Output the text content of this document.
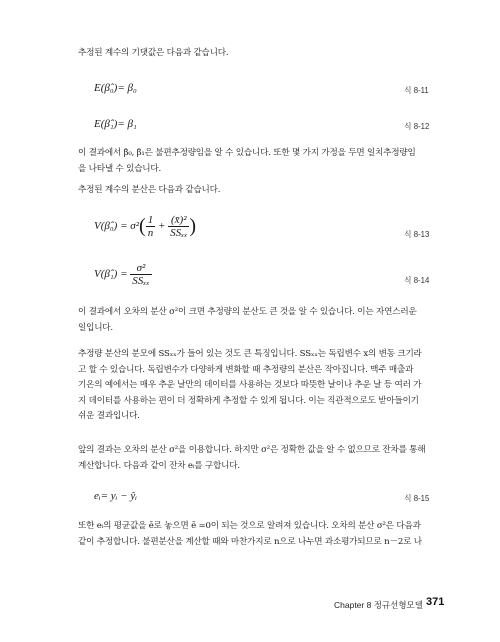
추정된 계수의 기댓값은 다음과 같습니다.
E(β̂₀)= β₀	식 8-11
E(β̂₁)= β₁	식 8-12
이 결과에서 β̂₀, β̂₁은 불편추정량임을 알 수 있습니다. 또한 몇 가지 가정을 두면 일치추정량임
을 나타낼 수 있습니다.
추정된 계수의 분산은 다음과 같습니다.
V(β̂₀) = $\sigma^2( \frac{1}{n} + \frac{\text{(x̄)²}}{\text{SSₓₓ}}$ )	식 8-13
V(β̂₁) = $\frac{\text{σ²}}{\text{SSₓₓ}}$	식 8-14
이 결과에서 오차의 분산 σ²이 크면 추정량의 분산도 큰 것을 알 수 있습니다. 이는 자연스러운
일입니다.
추정량 분산의 분모에 SSₓₓ가 들어 있는 것도 큰 특징입니다. SSₓₓ는 독립변수 x의 변동 크기라
고 할 수 있습니다. 독립변수가 다양하게 변화할 때 추정량의 분산은 작아집니다. 맥주 매출과
기온의 예에서는 매우 추운 날만의 데이터를 사용하는 것보다 따뜻한 날이나 추운 날 등 여러 가
지 데이터를 사용하는 편이 더 정확하게 추정할 수 있게 됩니다. 이는 직관적으로도 받아들이기
쉬운 결과입니다.
앞의 결과는 오차의 분산 σ²을 이용합니다. 하지만 σ²은 정확한 값을 알 수 없으므로 잔차를 통해
계산합니다. 다음과 같이 잔차 eᵢ를 구합니다.
eᵢ= yᵢ − ŷᵢ	식 8-15
또한 eᵢ의 평균값을 ē로 놓으면 ē =0이 되는 것으로 알려져 있습니다. 오차의 분산 σ²은 다음과
같이 추정합니다. 불편분산을 계산할 때와 마찬가지로 n으로 나누면 과소평가되므로 n－2로 나
Chapter 8 정규선형모델 371
